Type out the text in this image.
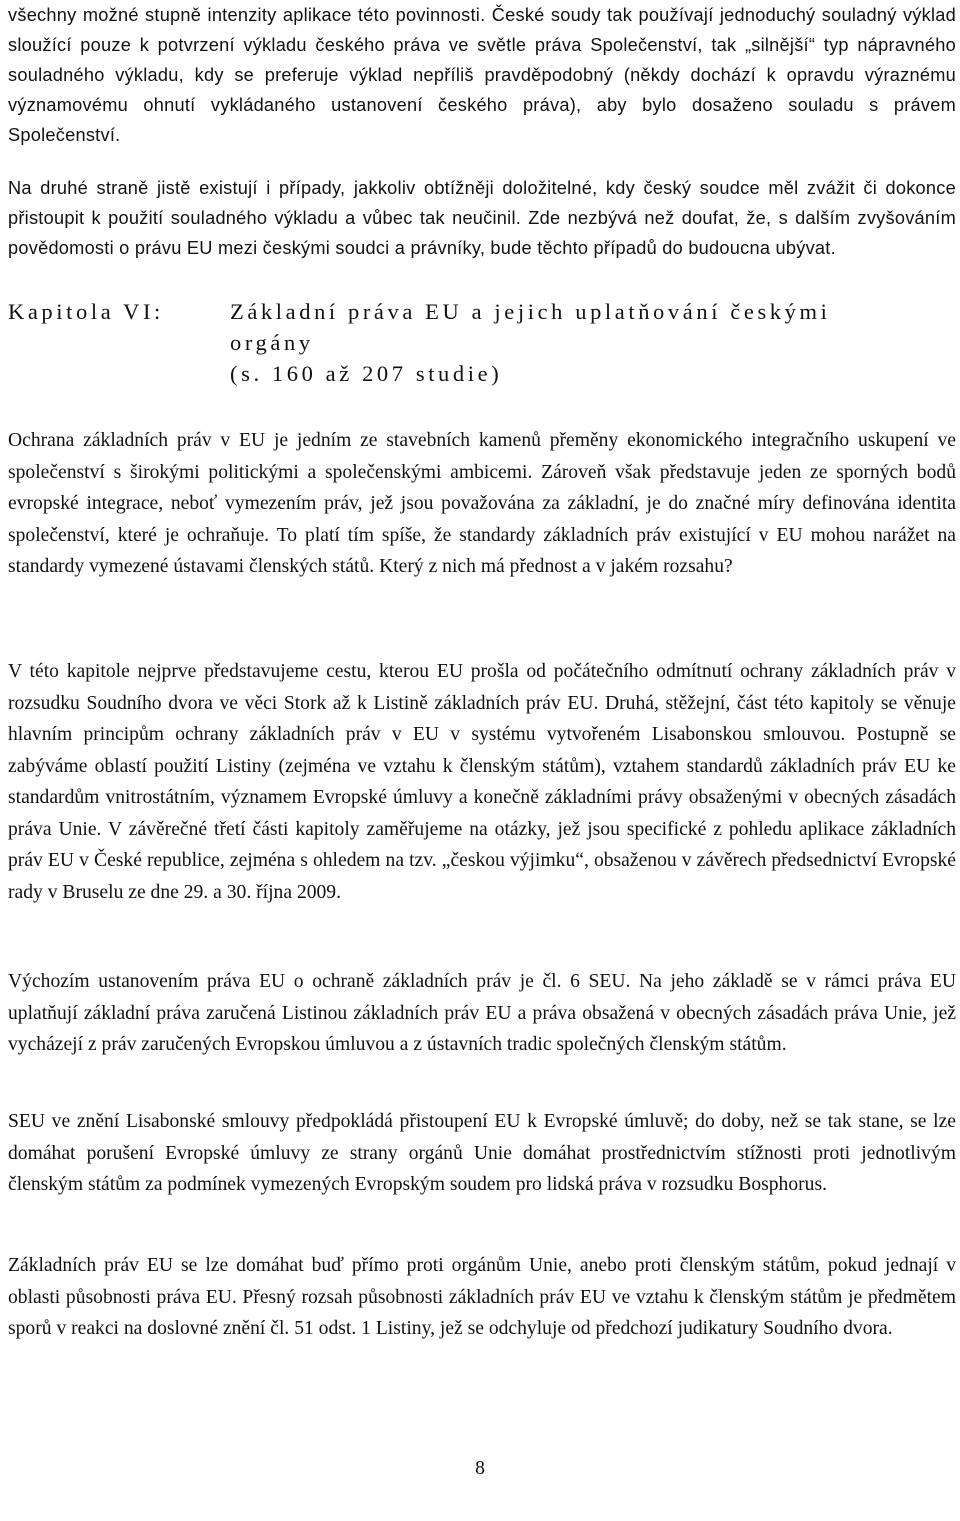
všechny možné stupně intenzity aplikace této povinnosti. České soudy tak používají jednoduchý souladný výklad sloužící pouze k potvrzení výkladu českého práva ve světle práva Společenství, tak „silnější“ typ nápravného souladného výkladu, kdy se preferuje výklad nepříliš pravděpodobný (někdy dochází k opravdu výraznému významovému ohnutí vykládaného ustanovení českého práva), aby bylo dosaženo souladu s právem Společenství.

Na druhé straně jistě existují i případy, jakkoliv obtížněji doložitelné, kdy český soudce měl zvážit či dokonce přistoupit k použití souladného výkladu a vůbec tak neučinil. Zde nezbývá než doufat, že, s dalším zvyšováním povědomosti o právu EU mezi českými soudci a právníky, bude těchto případů do budoucna ubývat.

Kapitola VI:	Základní práva EU a jejich uplatňování českými
orgány
(s. 160 až 207 studie)

Ochrana základních práv v EU je jedním ze stavebních kamenů přeměny ekonomického integračního uskupení ve společenství s širokými politickými a společenskými ambicemi. Zároveň však představuje jeden ze sporných bodů evropské integrace, neboť vymezením práv, jež jsou považována za základní, je do značné míry definována identita společenství, které je ochraňuje. To platí tím spíše, že standardy základních práv existující v EU mohou narážet na standardy vymezené ústavami členských států. Který z nich má přednost a v jakém rozsahu?

V této kapitole nejprve představujeme cestu, kterou EU prošla od počátečního odmítnutí ochrany základních práv v rozsudku Soudního dvora ve věci Stork až k Listině základních práv EU. Druhá, stěžejní, část této kapitoly se věnuje hlavním principům ochrany základních práv v EU v systému vytvořeném Lisabonskou smlouvou. Postupně se zabýváme oblastí použití Listiny (zejména ve vztahu k členským státům), vztahem standardů základních práv EU ke standardům vnitrostátním, významem Evropské úmluvy a konečně základními právy obsaženými v obecných zásadách práva Unie. V závěrečné třetí části kapitoly zaměřujeme na otázky, jež jsou specifické z pohledu aplikace základních práv EU v České republice, zejména s ohledem na tzv. „českou výjimku“, obsaženou v závěrech předsednictví Evropské rady v Bruselu ze dne 29. a 30. října 2009.

Výchozím ustanovením práva EU o ochraně základních práv je čl. 6 SEU. Na jeho základě se v rámci práva EU uplatňují základní práva zaručená Listinou základních práv EU a práva obsažená v obecných zásadách práva Unie, jež vycházejí z práv zaručených Evropskou úmluvou a z ústavních tradic společných členským státům.

SEU ve znění Lisabonské smlouvy předpokládá přistoupení EU k Evropské úmluvě; do doby, než se tak stane, se lze domáhat porušení Evropské úmluvy ze strany orgánů Unie domáhat prostřednictvím stížnosti proti jednotlivým členským státům za podmínek vymezených Evropským soudem pro lidská práva v rozsudku Bosphorus.

Základních práv EU se lze domáhat buď přímo proti orgánům Unie, anebo proti členským státům, pokud jednají v oblasti působnosti práva EU. Přesný rozsah působnosti základních práv EU ve vztahu k členským státům je předmětem sporů v reakci na doslovné znění čl. 51 odst. 1 Listiny, jež se odchyluje od předchozí judikatury Soudního dvora.

8
